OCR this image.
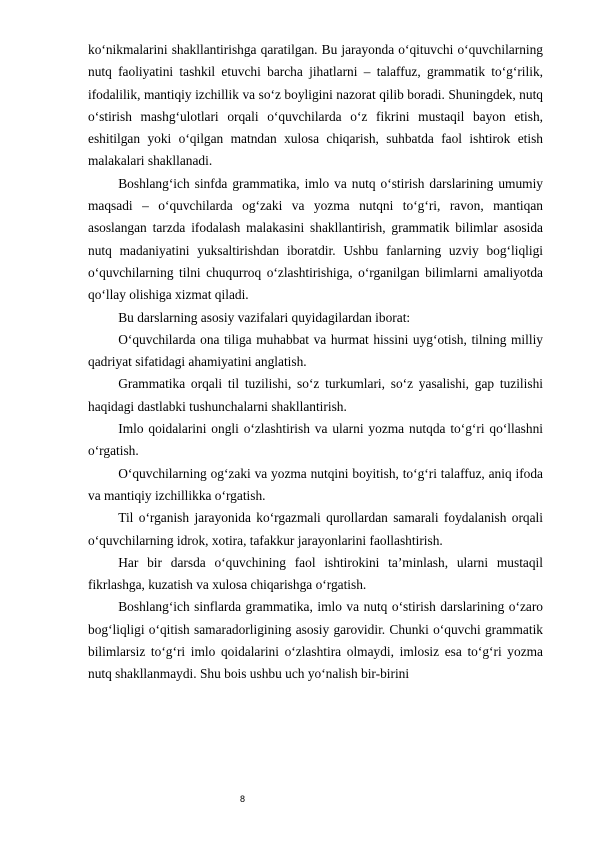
ko‘nikmalarini shakllantirishga qaratilgan. Bu jarayonda o‘qituvchi o‘quvchilarning nutq faoliyatini tashkil etuvchi barcha jihatlarni – talaffuz, grammatik to‘g‘rilik, ifodalilik, mantiqiy izchillik va so‘z boyligini nazorat qilib boradi. Shuningdek, nutq o‘stirish mashg‘ulotlari orqali o‘quvchilarda o‘z fikrini mustaqil bayon etish, eshitilgan yoki o‘qilgan matndan xulosa chiqarish, suhbatda faol ishtirok etish malakalari shakllanadi.

Boshlang‘ich sinfda grammatika, imlo va nutq o‘stirish darslarining umumiy maqsadi – o‘quvchilarda og‘zaki va yozma nutqni to‘g‘ri, ravon, mantiqan asoslangan tarzda ifodalash malakasini shakllantirish, grammatik bilimlar asosida nutq madaniyatini yuksaltirishdan iboratdir. Ushbu fanlarning uzviy bog‘liqligi o‘quvchilarning tilni chuqurroq o‘zlashtirishiga, o‘rganilgan bilimlarni amaliyotda qo‘llay olishiga xizmat qiladi.

Bu darslarning asosiy vazifalari quyidagilardan iborat:

O‘quvchilarda ona tiliga muhabbat va hurmat hissini uyg‘otish, tilning milliy qadriyat sifatidagi ahamiyatini anglatish.

Grammatika orqali til tuzilishi, so‘z turkumlari, so‘z yasalishi, gap tuzilishi haqidagi dastlabki tushunchalarni shakllantirish.

Imlo qoidalarini ongli o‘zlashtirish va ularni yozma nutqda to‘g‘ri qo‘llashni o‘rgatish.

O‘quvchilarning og‘zaki va yozma nutqini boyitish, to‘g‘ri talaffuz, aniq ifoda va mantiqiy izchillikka o‘rgatish.

Til o‘rganish jarayonida ko‘rgazmali qurollardan samarali foydalanish orqali o‘quvchilarning idrok, xotira, tafakkur jarayonlarini faollashtirish.

Har bir darsda o‘quvchining faol ishtirokini ta’minlash, ularni mustaqil fikrlashga, kuzatish va xulosa chiqarishga o‘rgatish.

Boshlang‘ich sinflarda grammatika, imlo va nutq o‘stirish darslarining o‘zaro bog‘liqligi o‘qitish samaradorligining asosiy garovidir. Chunki o‘quvchi grammatik bilimlarsiz to‘g‘ri imlo qoidalarini o‘zlashtira olmaydi, imlosiz esa to‘g‘ri yozma nutq shakllanmaydi. Shu bois ushbu uch yo‘nalish bir-birini

8
